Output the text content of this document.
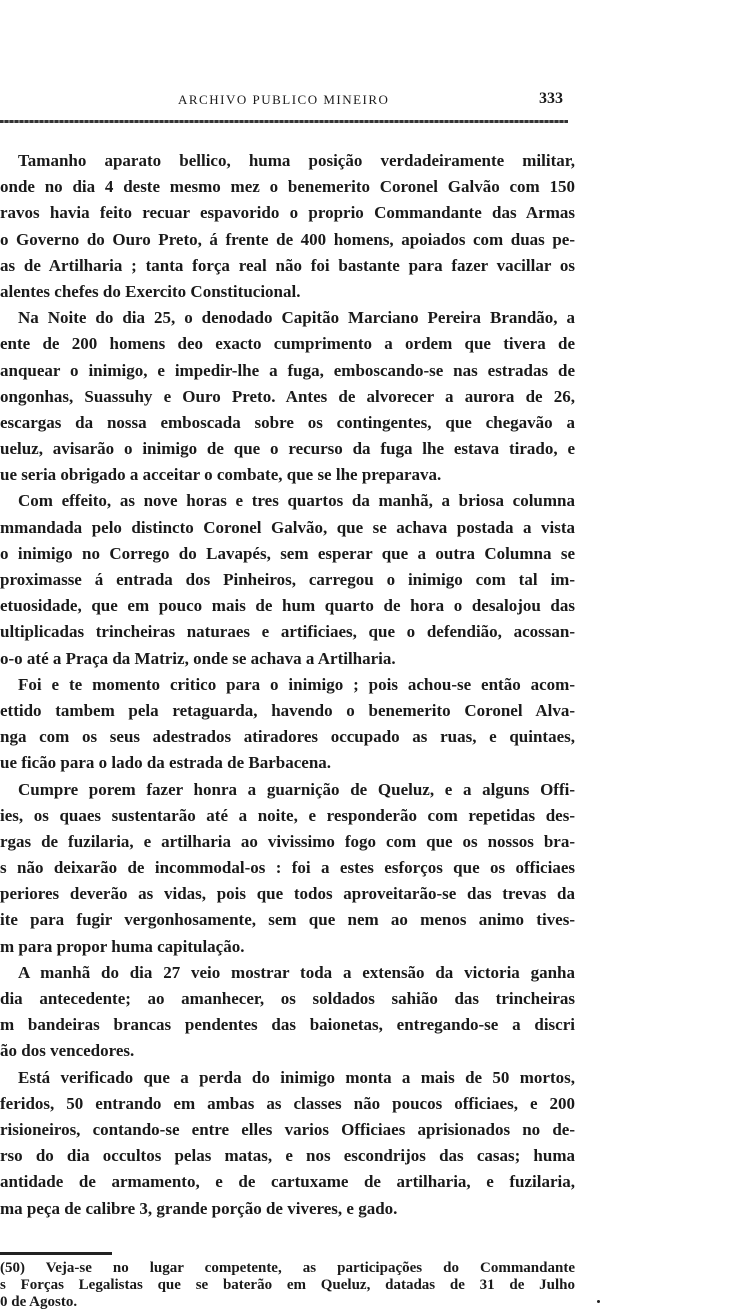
ARCHIVO PUBLICO MINEIRO	333
Tamanho aparato bellico, huma posição verdadeiramente militar,
onde no dia 4 deste mesmo mez o benemerito Coronel Galvão com 150
ravos havia feito recuar espavorido o proprio Commandante das Armas
o Governo do Ouro Preto, á frente de 400 homens, apoiados com duas pe-
as de Artilharia ; tanta força real não foi bastante para fazer vacillar os
alentes chefes do Exercito Constitucional.
Na Noite do dia 25, o denodado Capitão Marciano Pereira Brandão, a
ente de 200 homens deo exacto cumprimento a ordem que tivera de
anquear o inimigo, e impedir-lhe a fuga, emboscando-se nas estradas de
ongonhas, Suassuhy e Ouro Preto. Antes de alvorecer a aurora de 26,
escargas da nossa emboscada sobre os contingentes, que chegavão a
ueluz, avisarão o inimigo de que o recurso da fuga lhe estava tirado, e
ue seria obrigado a acceitar o combate, que se lhe preparava.
Com effeito, as nove horas e tres quartos da manhã, a briosa columna
mmandada pelo distincto Coronel Galvão, que se achava postada a vista
o inimigo no Corrego do Lavapés, sem esperar que a outra Columna se
proximasse á entrada dos Pinheiros, carregou o inimigo com tal im-
etuosidade, que em pouco mais de hum quarto de hora o desalojou das
ultiplicadas trincheiras naturaes e artificiaes, que o defendião, acossan-
o-o até a Praça da Matriz, onde se achava a Artilharia.
Foi e te momento critico para o inimigo ; pois achou-se então acom-
ettido tambem pela retaguarda, havendo o benemerito Coronel Alva-
nga com os seus adestrados atiradores occupado as ruas, e quintaes,
ue ficão para o lado da estrada de Barbacena.
Cumpre porem fazer honra a guarnição de Queluz, e a alguns Offi-
ies, os quaes sustentarão até a noite, e responderão com repetidas des-
rgas de fuzilaria, e artilharia ao vivissimo fogo com que os nossos bra-
s não deixarão de incommodal-os : foi a estes esforços que os officiaes
periores deverão as vidas, pois que todos aproveitarão-se das trevas da
ite para fugir vergonhosamente, sem que nem ao menos animo tives-
m para propor huma capitulação.
A manhã do dia 27 veio mostrar toda a extensão da victoria ganha
dia antecedente; ao amanhecer, os soldados sahião das trincheiras
m bandeiras brancas pendentes das baionetas, entregando-se a discri
ão dos vencedores.
Está verificado que a perda do inimigo monta a mais de 50 mortos,
feridos, 50 entrando em ambas as classes não poucos officiaes, e 200
risioneiros, contando-se entre elles varios Officiaes aprisionados no de-
rso do dia occultos pelas matas, e nos escondrijos das casas; huma
antidade de armamento, e de cartuxame de artilharia, e fuzilaria,
ma peça de calibre 3, grande porção de viveres, e gado.
(50) Veja-se no lugar competente, as participações do Commandante
s Forças Legalistas que se baterão em Queluz, datadas de 31 de Julho
0 de Agosto.
